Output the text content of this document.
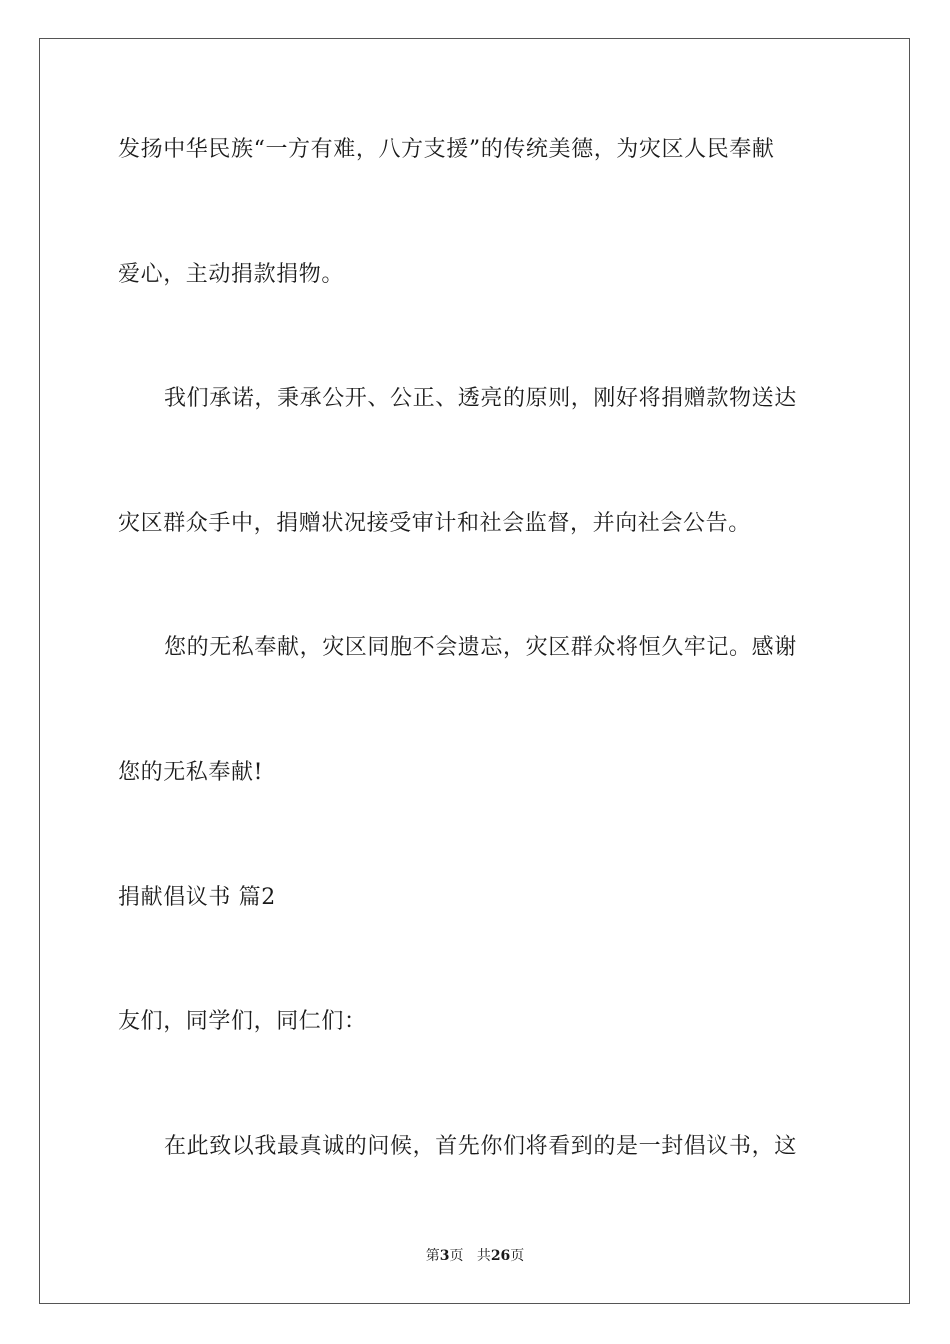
发扬中华民族“一方有难，八方支援”的传统美德，为灾区人民奉献
爱心，主动捐款捐物。
我们承诺，秉承公开、公正、透亮的原则，刚好将捐赠款物送达
灾区群众手中，捐赠状况接受审计和社会监督，并向社会公告。
您的无私奉献，灾区同胞不会遗忘，灾区群众将恒久牢记。感谢
您的无私奉献!
捐献倡议书 篇2
友们，同学们，同仁们：
在此致以我最真诚的问候，首先你们将看到的是一封倡议书，这
第3页 共26页
